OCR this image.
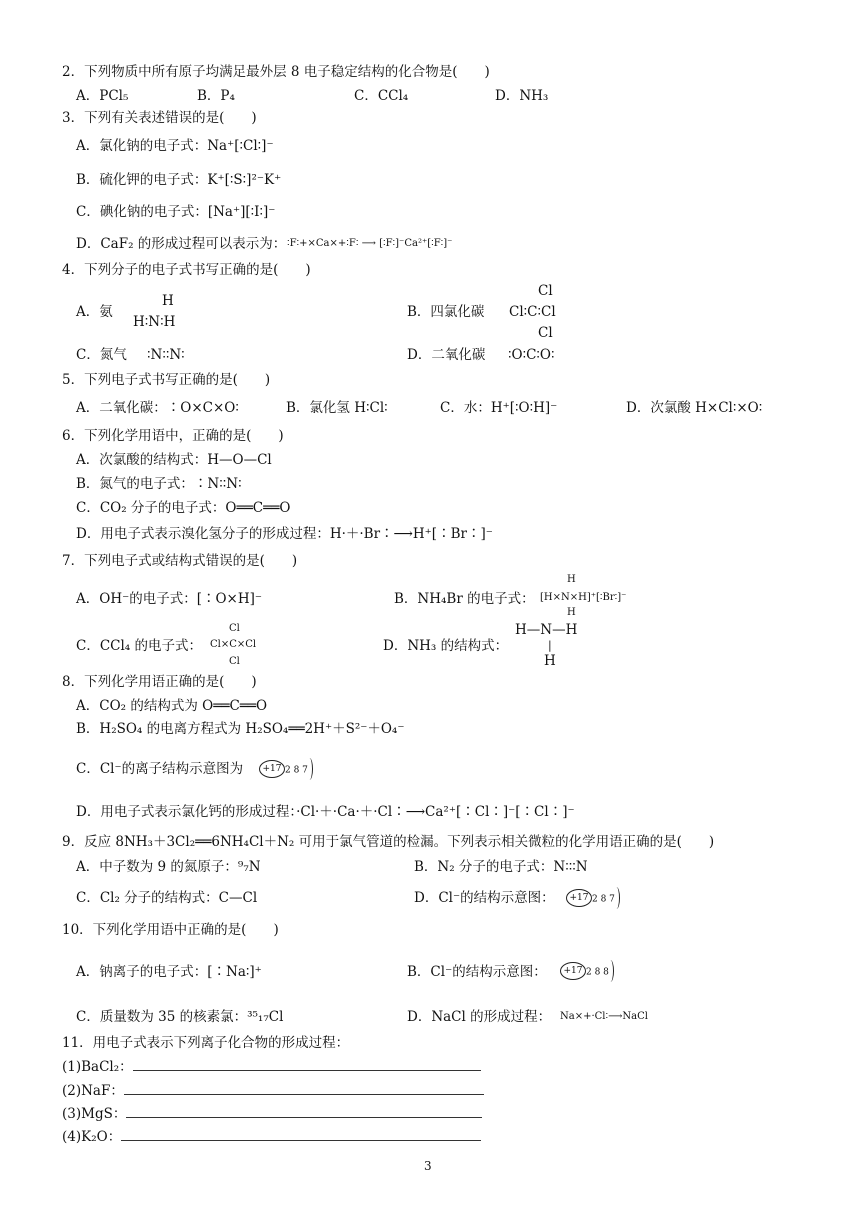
2．下列物质中所有原子均满足最外层 8 电子稳定结构的化合物是(　　)
A．PCl₅	B．P₄	C．CCl₄	D．NH₃
3．下列有关表述错误的是(　　)
A．氯化钠的电子式：Na⁺[∶Cl∶]⁻
B．硫化钾的电子式：K⁺[∶S∶]²⁻K⁺
C．碘化钠的电子式：[Na⁺][∶I∶]⁻
D．CaF₂ 的形成过程可以表示为： ∶F∶+×Ca×+∶F∶ ⟶ [∶F∶]⁻Ca²⁺[∶F∶]⁻
4．下列分子的电子式书写正确的是(　　)
A．氨
H
H∶N∶H
B．四氯化碳
Cl
Cl∶C∶Cl
Cl
C．氮气 ∶N∶∶N∶	D．二氧化碳 ∶O∶C∶O∶
5．下列电子式书写正确的是(　　)
A．二氧化碳：∶O×C×O∶	B．氯化氢 H∶Cl∶	C．水：H⁺[∶O∶H]⁻	D．次氯酸 H×Cl∶×O∶
6．下列化学用语中，正确的是(　　)
A．次氯酸的结构式：H—O—Cl
B．氮气的电子式：∶N∶∶N∶
C．CO₂ 分子的电子式：O══C══O
D．用电子式表示溴化氢分子的形成过程：H·＋·Br∶⟶H⁺[∶Br∶]⁻
7．下列电子式或结构式错误的是(　　)
A．OH⁻的电子式：[∶O×H]⁻	B．NH₄Br 的电子式：
H
[H×N×H]⁺[∶Br∶]⁻
H
C．CCl₄ 的电子式：
Cl
Cl×C×Cl
Cl
D．NH₃ 的结构式：
H—N—H
|
H
8．下列化学用语正确的是(　　)
A．CO₂ 的结构式为 O══C══O
B．H₂SO₄ 的电离方程式为 H₂SO₄══2H⁺＋S²⁻＋O₄⁻
C．Cl⁻的离子结构示意图为	+17 2 8 7
D．用电子式表示氯化钙的形成过程：·Cl·＋·Ca·＋·Cl∶⟶Ca²⁺[∶Cl∶]⁻[∶Cl∶]⁻
9．反应 8NH₃＋3Cl₂══6NH₄Cl＋N₂ 可用于氯气管道的检漏。下列表示相关微粒的化学用语正确的是(　　)
A．中子数为 9 的氮原子：⁹₇N	B．N₂ 分子的电子式：N∶∶∶N
C．Cl₂ 分子的结构式：C—Cl	D．Cl⁻的结构示意图：	+17 2 8 7
10．下列化学用语中正确的是(　　)
A．钠离子的电子式：[∶Na∶]⁺	B．Cl⁻的结构示意图：	+17 2 8 8
C．质量数为 35 的核素氯：³⁵₁₇Cl	D．NaCl 的形成过程： Na×+·Cl∶⟶NaCl
11．用电子式表示下列离子化合物的形成过程：
(1)BaCl₂：
(2)NaF：
(3)MgS：
(4)K₂O：
3
